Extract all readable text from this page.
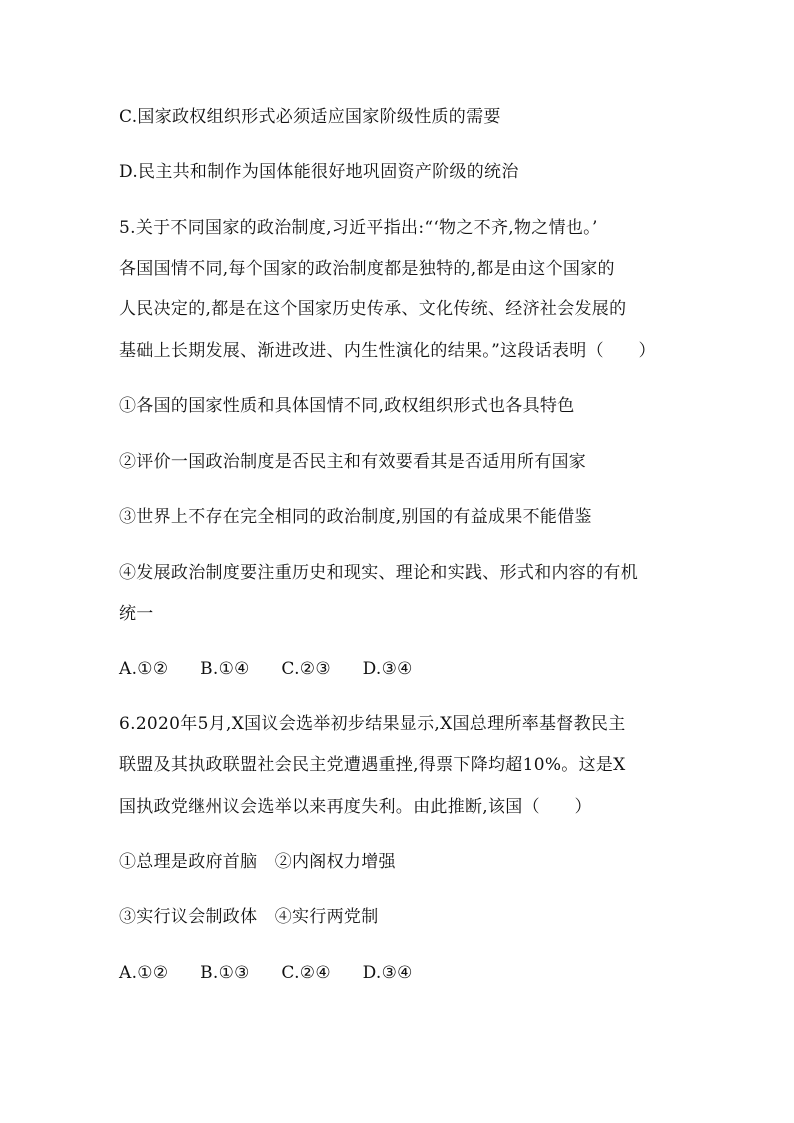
C.国家政权组织形式必须适应国家阶级性质的需要
D.民主共和制作为国体能很好地巩固资产阶级的统治
5.关于不同国家的政治制度,习近平指出:“‘物之不齐,物之情也。’
各国国情不同,每个国家的政治制度都是独特的,都是由这个国家的
人民决定的,都是在这个国家历史传承、文化传统、经济社会发展的
基础上长期发展、渐进改进、内生性演化的结果。”这段话表明（　　）
①各国的国家性质和具体国情不同,政权组织形式也各具特色
②评价一国政治制度是否民主和有效要看其是否适用所有国家
③世界上不存在完全相同的政治制度,别国的有益成果不能借鉴
④发展政治制度要注重历史和现实、理论和实践、形式和内容的有机
统一
A.①② B.①④ C.②③ D.③④
6.2020年5月,X国议会选举初步结果显示,X国总理所率基督教民主
联盟及其执政联盟社会民主党遭遇重挫,得票下降均超10%。这是X
国执政党继州议会选举以来再度失利。由此推断,该国（　　）
①总理是政府首脑　②内阁权力增强
③实行议会制政体　④实行两党制
A.①② B.①③ C.②④ D.③④
